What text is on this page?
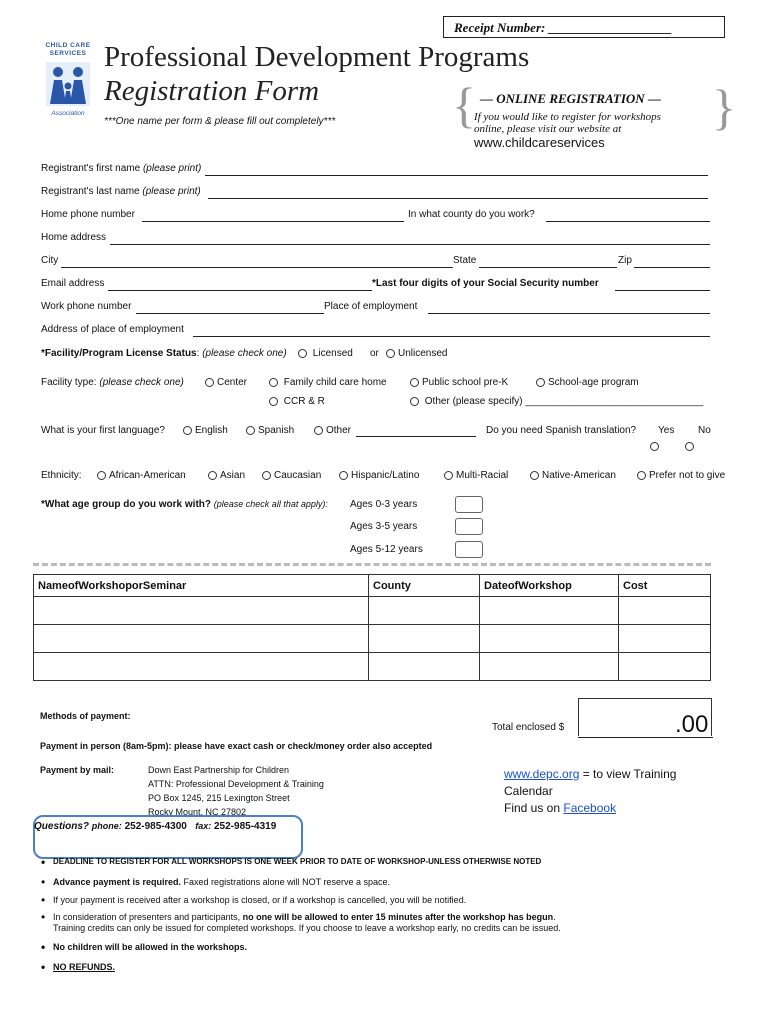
Receipt Number: ___________________
CHILD CARE SERVICES
Association
Professional Development Programs
Registration Form
***One name per form & please fill out completely*** {	}
— ONLINE REGISTRATION —
If you would like to register for workshops
online, please visit our website at
www.childcareservices
Registrant's first name (please print)
Registrant's last name (please print)
Home phone number	In what county do you work?
Home address
City	State	Zip
Email address	*Last four digits of your Social Security number
Work phone number	Place of employment
Address of place of employment
*Facility/Program License Status: (please check one)	Licensed or	Unlicensed
Facility type: (please check one)	Center	Family child care home	Public school pre-K	School-age program
CCR & R	Other (please specify) ________________________________
What is your first language?	English	Spanish	Other	Do you need Spanish translation? Yes No
Ethnicity:	African-American	Asian	Caucasian	Hispanic/Latino	Multi-Racial	Native-American	Prefer not to give
*What age group do you work with? (please check all that apply): Ages 0-3 years
Ages 3-5 years
Ages 5-12 years
NameofWorkshoporSeminar	County	DateofWorkshop	Cost

Methods of payment:
Total enclosed $	.00
Payment in person (8am-5pm): please have exact cash or check/money order also accepted
Payment by mail:	Down East Partnership for Children
ATTN: Professional Development & Training
PO Box 1245, 215 Lexington Street
Rocky Mount, NC 27802
www.depc.org = to view Training
Calendar
Find us on Facebook
Questions? phone: 252-985-4300 fax: 252-985-4319
• DEADLINE TO REGISTER FOR ALL WORKSHOPS IS ONE WEEK PRIOR TO DATE OF WORKSHOP-UNLESS OTHERWISE NOTED
• Advance payment is required. Faxed registrations alone will NOT reserve a space.
• If your payment is received after a workshop is closed, or if a workshop is cancelled, you will be notified.
• In consideration of presenters and participants, no one will be allowed to enter 15 minutes after the workshop has begun.
Training credits can only be issued for completed workshops. If you choose to leave a workshop early, no credits can be issued.
• No children will be allowed in the workshops.
• NO REFUNDS.
